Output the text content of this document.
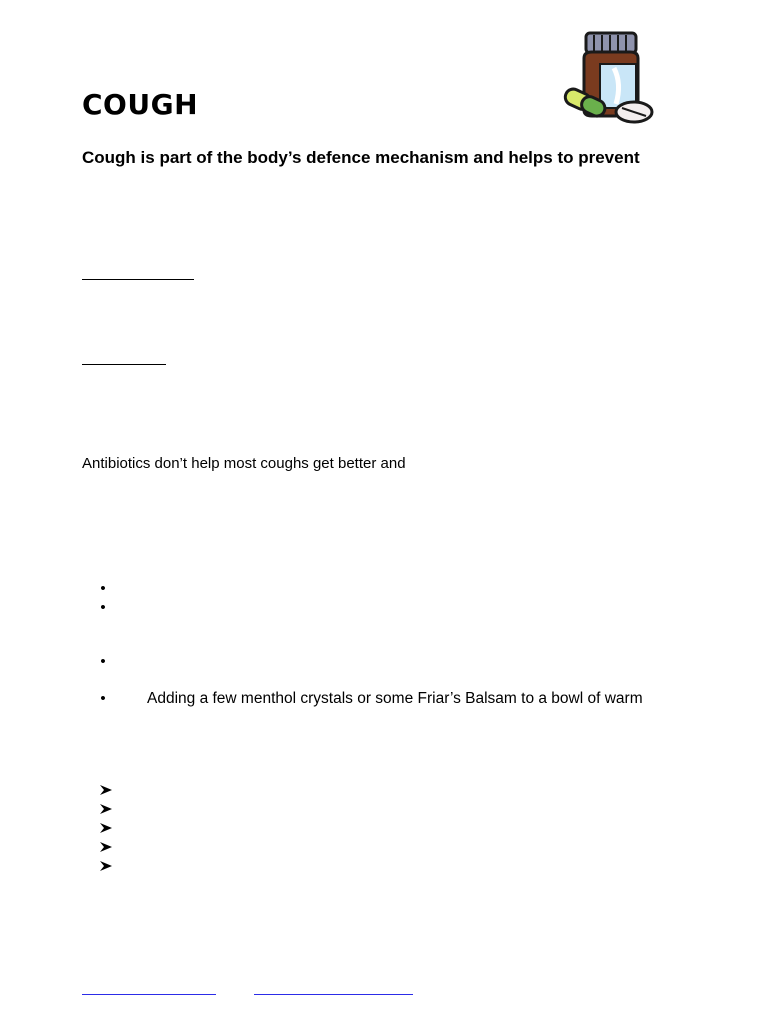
COUGH
Cough is part of the body’s defence mechanism and helps to prevent
Antibiotics don’t help most coughs get better and
•
•
•
•	Adding a few menthol crystals or some Friar’s Balsam to a bowl of warm
